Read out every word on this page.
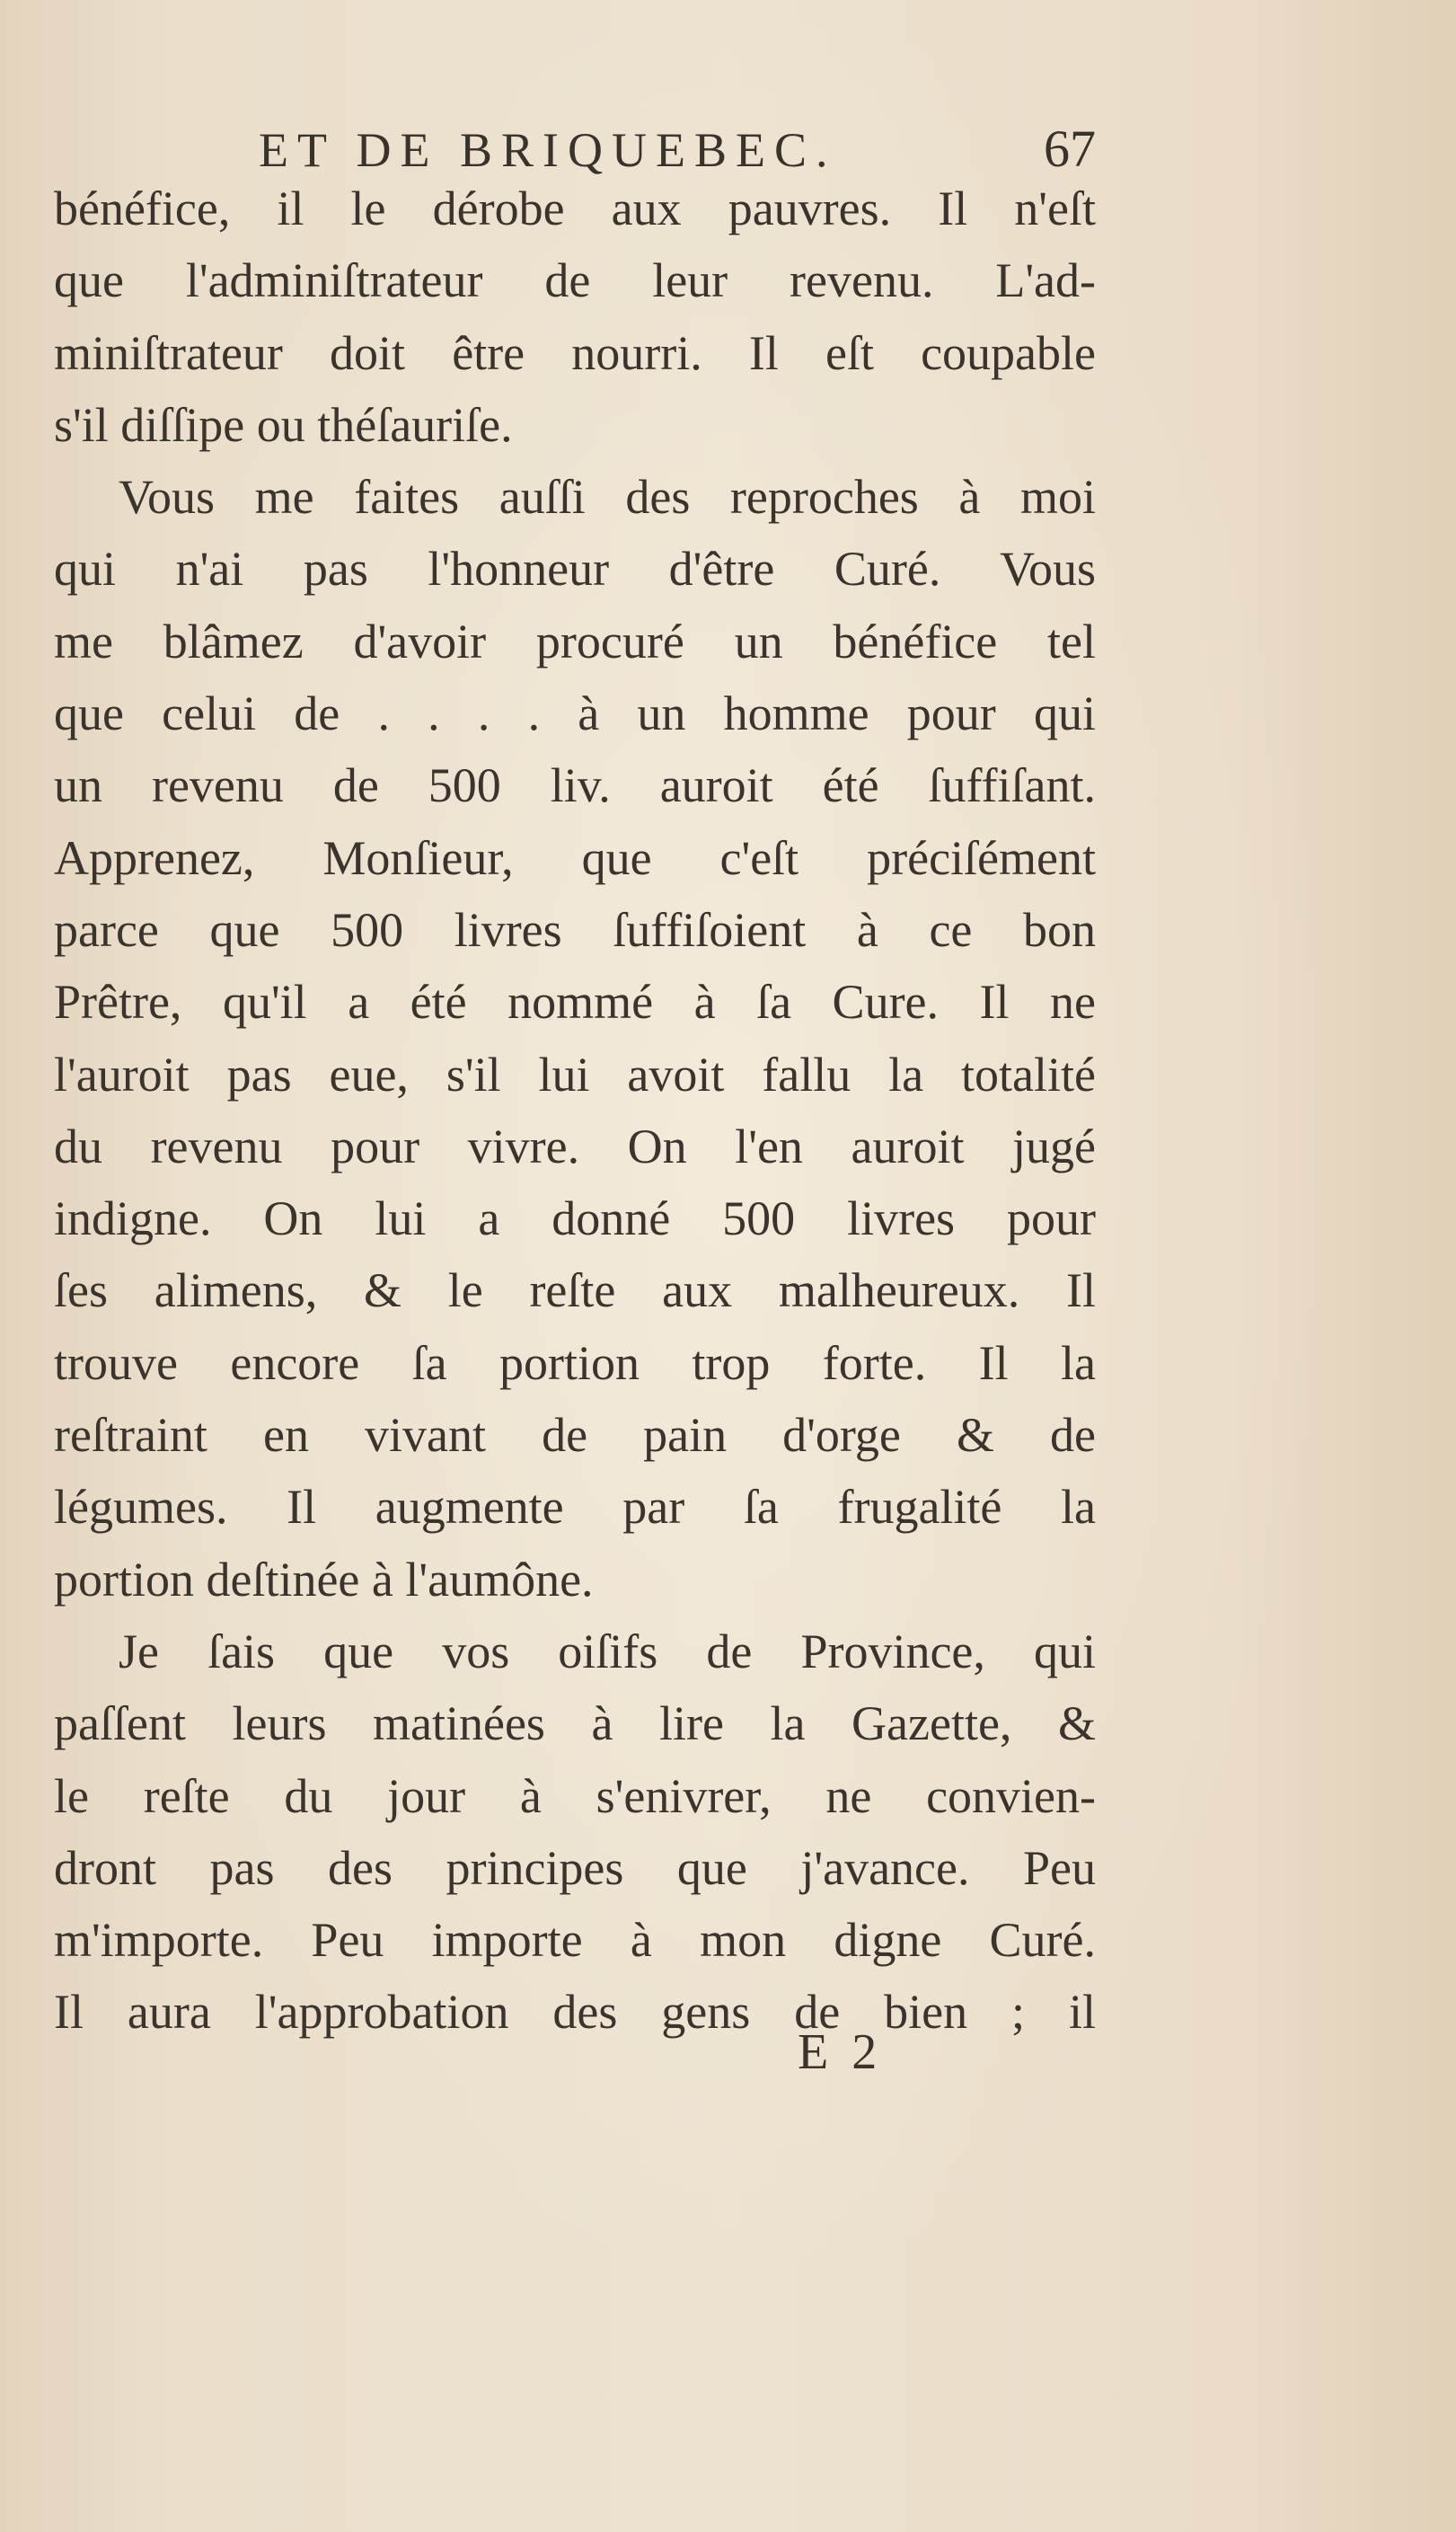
ET DE BRIQUEBEC.	67
bénéfice, il le dérobe aux pauvres. Il n'eſt
que l'adminiſtrateur de leur revenu. L'ad-
miniſtrateur doit être nourri. Il eſt coupable
s'il diſſipe ou théſauriſe.
Vous me faites auſſi des reproches à moi
qui n'ai pas l'honneur d'être Curé. Vous
me blâmez d'avoir procuré un bénéfice tel
que celui de . . . . à un homme pour qui
un revenu de 500 liv. auroit été ſuffiſant.
Apprenez, Monſieur, que c'eſt préciſément
parce que 500 livres ſuffiſoient à ce bon
Prêtre, qu'il a été nommé à ſa Cure. Il ne
l'auroit pas eue, s'il lui avoit fallu la totalité
du revenu pour vivre. On l'en auroit jugé
indigne. On lui a donné 500 livres pour
ſes alimens, & le reſte aux malheureux. Il
trouve encore ſa portion trop forte. Il la
reſtraint en vivant de pain d'orge & de
légumes. Il augmente par ſa frugalité la
portion deſtinée à l'aumône.
Je ſais que vos oiſifs de Province, qui
paſſent leurs matinées à lire la Gazette, &
le reſte du jour à s'enivrer, ne convien-
dront pas des principes que j'avance. Peu
m'importe. Peu importe à mon digne Curé.
Il aura l'approbation des gens de bien ; il
E 2
